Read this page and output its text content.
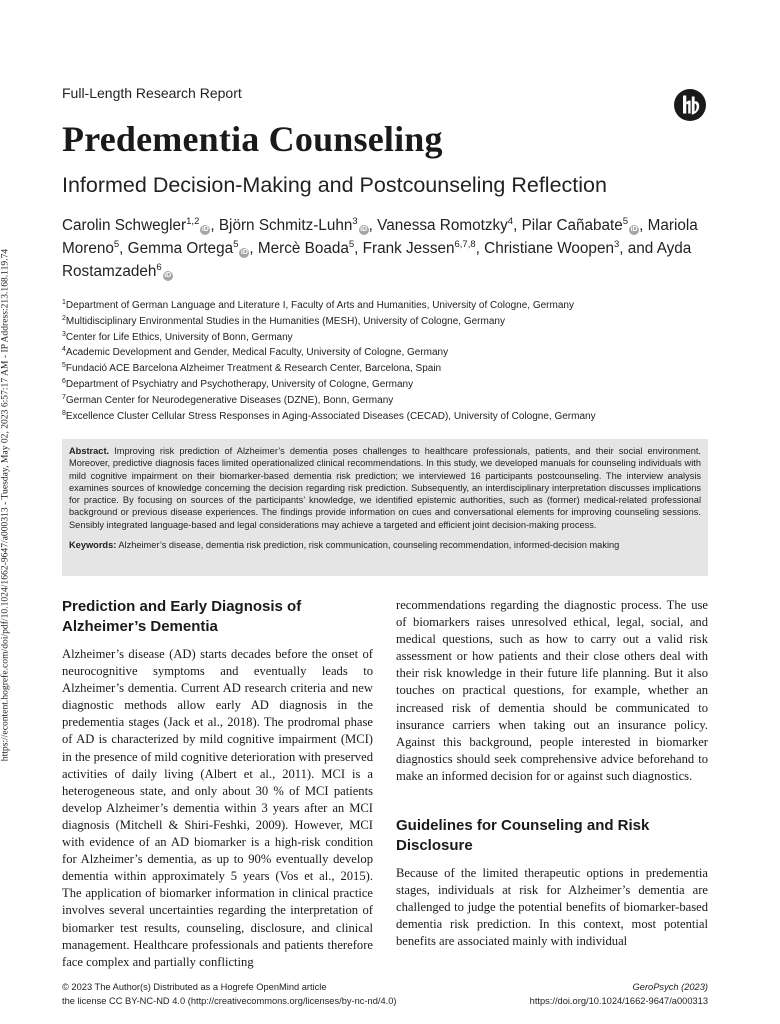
https://econtent.hogrefe.com/doi/pdf/10.1024/1662-9647/a000313 - Tuesday, May 02, 2023 6:57:17 AM - IP Address:213.168.119.74
Full-Length Research Report
Predementia Counseling
Informed Decision-Making and Postcounseling Reflection
Carolin Schwegler$^{1,2}$iD, Björn Schmitz-Luhn$^3$iD, Vanessa Romotzky$^4$, Pilar Cañabate$^5$iD, Mariola Moreno$^5$, Gemma Ortega$^5$iD, Mercè Boada$^5$, Frank Jessen$^{6,7,8}$, Christiane Woopen$^3$, and Ayda Rostamzadeh$^6$iD
$^1$Department of German Language and Literature I, Faculty of Arts and Humanities, University of Cologne, Germany
$^2$Multidisciplinary Environmental Studies in the Humanities (MESH), University of Cologne, Germany
$^3$Center for Life Ethics, University of Bonn, Germany
$^4$Academic Development and Gender, Medical Faculty, University of Cologne, Germany
$^5$Fundació ACE Barcelona Alzheimer Treatment & Research Center, Barcelona, Spain
$^6$Department of Psychiatry and Psychotherapy, University of Cologne, Germany
$^7$German Center for Neurodegenerative Diseases (DZNE), Bonn, Germany
$^8$Excellence Cluster Cellular Stress Responses in Aging-Associated Diseases (CECAD), University of Cologne, Germany

Abstract. Improving risk prediction of Alzheimer’s dementia poses challenges to healthcare professionals, patients, and their social environment. Moreover, predictive diagnosis faces limited operationalized clinical recommendations. In this study, we developed manuals for counseling individuals with mild cognitive impairment on their biomarker-based dementia risk prediction; we interviewed 16 participants postcounseling. The interview analysis examines sources of knowledge concerning the decision regarding risk prediction. Subsequently, an interdisciplinary interpretation discusses implications for practice. By focusing on sources of the participants’ knowledge, we identified epistemic authorities, such as (former) medical-related professional background or previous disease experiences. The findings provide information on cues and conversational elements for improving counseling sessions. Sensibly integrated language-based and legal considerations may achieve a targeted and efficient joint decision-making process.

Keywords: Alzheimer’s disease, dementia risk prediction, risk communication, counseling recommendation, informed-decision making

Prediction and Early Diagnosis of Alzheimer’s Dementia

Alzheimer’s disease (AD) starts decades before the onset of neurocognitive symptoms and eventually leads to Alzheimer’s dementia. Current AD research criteria and new diagnostic methods allow early AD diagnosis in the predementia stages (Jack et al., 2018). The prodromal phase of AD is characterized by mild cognitive impairment (MCI) in the presence of mild cognitive deterioration with preserved activities of daily living (Albert et al., 2011). MCI is a heterogeneous state, and only about 30 % of MCI patients develop Alzheimer’s dementia within 3 years after an MCI diagnosis (Mitchell & Shiri-Feshki, 2009). However, MCI with evidence of an AD biomarker is a high-risk condition for Alzheimer’s dementia, as up to 90% eventually develop dementia within approximately 5 years (Vos et al., 2015). The application of biomarker information in clinical practice involves several uncertainties regarding the interpretation of biomarker test results, counseling, disclosure, and clinical management. Healthcare professionals and patients therefore face complex and partially conflicting

recommendations regarding the diagnostic process. The use of biomarkers raises unresolved ethical, legal, social, and medical questions, such as how to carry out a valid risk assessment or how patients and their close others deal with their risk knowledge in their future life planning. But it also touches on practical questions, for example, whether an increased risk of dementia should be communicated to insurance carriers when taking out an insurance policy. Against this background, people interested in biomarker diagnostics should seek comprehensive advice beforehand to make an informed decision for or against such diagnostics.

Guidelines for Counseling and Risk Disclosure

Because of the limited therapeutic options in predementia stages, individuals at risk for Alzheimer’s dementia are challenged to judge the potential benefits of biomarker-based dementia risk prediction. In this context, most potential benefits are associated mainly with individual

© 2023 The Author(s) Distributed as a Hogrefe OpenMind article
the license CC BY-NC-ND 4.0 (http://creativecommons.org/licenses/by-nc-nd/4.0)
GeroPsych (2023)
https://doi.org/10.1024/1662-9647/a000313
